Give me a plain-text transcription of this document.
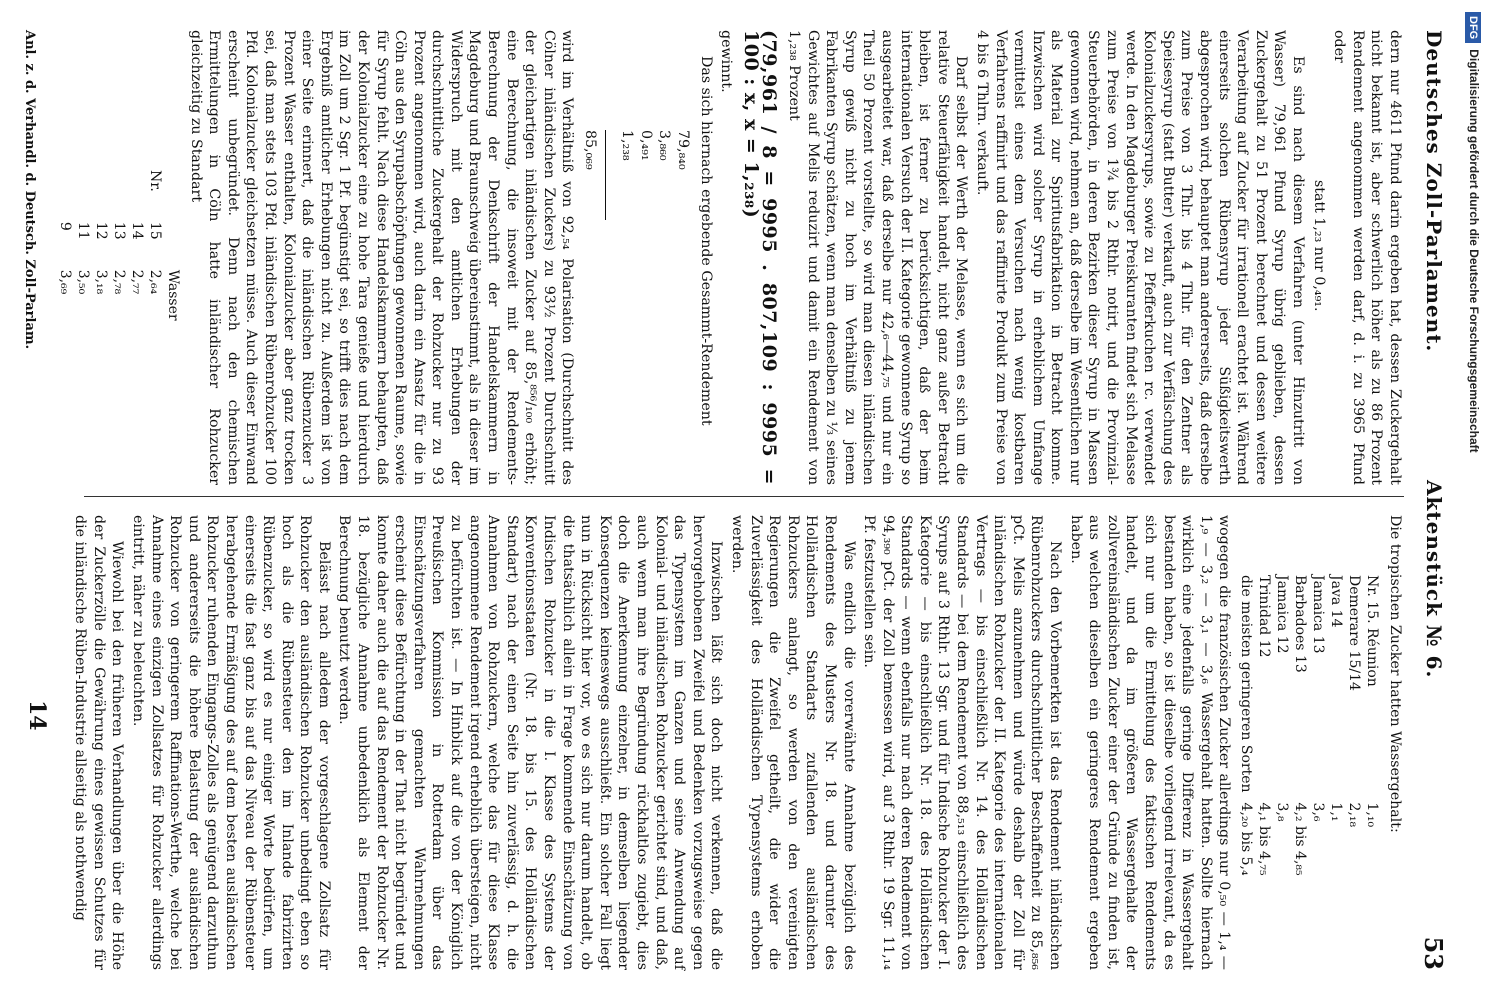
Deutsches Zoll-Parlament.
Aktenstück № 6.
53

dern nur 4611 Pfund darin ergeben hat, dessen Zuckergehalt nicht bekannt ist, aber schwerlich höher als zu 86 Prozent Rendement angenommen werden darf, d. i. zu 3965 Pfund oder

statt 1,₂₃ nur 0,₄₉₁.

Es sind nach diesem Verfahren (unter Hinzutritt von Wasser) 79,961 Pfund Syrup übrig geblieben, dessen Zuckergehalt zu 51 Prozent berechnet und dessen weitere Verarbeitung auf Zucker für irrationell erachtet ist. Während einerseits solchen Rübensyrup jeder Süßigkeitswerth abgesprochen wird, behauptet man andererseits, daß derselbe zum Preise von 3 Thlr. bis 4 Thlr. für den Zentner als Speisesyrup (statt Butter) verkauft, auch zur Verfälschung des Kolonialzuckersyrups, sowie zu Pfefferkuchen rc. verwendet werde. In den Magdeburger Preiskuranten findet sich Melasse zum Preise von 1¾ bis 2 Rthlr. notirt, und die Provinzial-Steuerbehörden, in deren Bezirken dieser Syrup in Massen gewonnen wird, nehmen an, daß derselbe im Wesentlichen nur als Material zur Spiritusfabrikation in Betracht komme. Inzwischen wird solcher Syrup in erheblichem Umfange vermittelst eines dem Versuchen nach wenig kostbaren Verfahrens raffinirt und das raffinirte Produkt zum Preise von 4 bis 6 Thlrn. verkauft.

Darf selbst der Werth der Melasse, wenn es sich um die relative Steuerfähigkeit handelt, nicht ganz außer Betracht bleiben, ist ferner zu berücksichtigen, daß der beim internationalen Versuch der II. Kategorie gewonnene Syrup so ausgearbeitet war, daß derselbe nur 42,₆—44,₇₅ und nur ein Theil 50 Prozent vorstellte, so wird man diesen inländischen Syrup gewiß nicht zu hoch im Verhältniß zu jenem Fabrikanten Syrup schätzen, wenn man denselben zu ⅓ seines Gewichtes auf Melis reduzirt und damit ein Rendement von 1,₂₃₈ Prozent

(79,961 / 8 = 9995 . 807,109 : 9995 = 100 : x, x = 1,₂₃₈)

gewinnt.

Das sich hiernach ergebende Gesammt-Rendement

79,₈₄₀
3,₈₆₀
0,₄₉₁
1,₂₃₈
85,₀₆₉

wird im Verhältniß von 92,₅₄ Polarisation (Durchschnitt des Cölner inländischen Zuckers) zu 93½ Prozent Durchschnitt der gleichartigen inländischen Zucker auf 85,⁸⁵⁶/₁₀₀ erhöht; eine Berechnung, die insoweit mit der Rendements-Berechnung der Denkschrift der Handelskammern in Magdeburg und Braunschweig übereinstimmt, als in dieser im Widerspruch mit den amtlichen Erhebungen der durchschnittliche Zuckergehalt der Rohzucker nur zu 93 Prozent angenommen wird, auch darin ein Ansatz für die in Cöln aus den Syrupabschöpfungen gewonnenen Raume, sowie für Syrup fehlt. Nach diese Handelskammern behaupten, daß der Kolonialzucker eine zu hohe Tara genieße und hierdurch im Zoll um 2 Sgr. 1 Pf. begünstigt sei, so trifft dies nach dem Ergebniß amtlicher Erhebungen nicht zu. Außerdem ist von einer Seite erinnert, daß die inländischen Rübenzucker 3 Prozent Wasser enthalten, Kolonialzucker aber ganz trocken sei, daß man stets 103 Pfd. inländischen Rübenrohzucker 100 Pfd. Kolonialzucker gleichsetzen müsse. Auch dieser Einwand erscheint unbegründet. Denn nach den chemischen Ermittelungen in Cöln hatte inländischer Rohzucker gleichzeitig zu Standart

		Wasser
Nr.	15	2,₆₄
	14	2,₇₇
	13	2,₇₈
	12	3,₁₈
	11	3,₅₀
	9	3,₆₉

Die tropischen Zucker hatten Wassergehalt:

Nr. 15. Réunion	1,₁₀
Demerare 15/14	2,₁₈
Java 14	1,₁
Jamaica 13	3,₆
Barbadoes 13	4,₂ bis 4,₈₅
Jamaica 12	3,₈
Trinidad 12	4,₁ bis 4,₇₅
die meisten geringeren Sorten	4,₂₀ bis 5,₄

wogegen die französischen Zucker allerdings nur 0,₅₀ — 1,₄ — 1,₉ — 3,₂ — 3,₁ — 3,₆ Wassergehalt hatten. Sollte hiernach wirklich eine jedenfalls geringe Differenz in Wassergehalt bestanden haben, so ist dieselbe vorliegend irrelevant, da es sich nur um die Ermittelung des faktischen Rendements handelt, und da im größeren Wassergehalte der zollvereinsländischen Zucker einer der Gründe zu finden ist, aus welchen dieselben ein geringeres Rendement ergeben haben.

Nach den Vorbemerkten ist das Rendement inländischen Rübenrohzuckers durchschnittlicher Beschaffenheit zu 85,₈₅₆ pCt. Melis anzunehmen und würde deshalb der Zoll für inländischen Rohzucker der II. Kategorie des internationalen Vertrags — bis einschließlich Nr. 14. des Holländischen Standards — bei dem Rendement von 88,₅₁₃ einschließlich des Syrups auf 3 Rthlr. 13 Sgr. und für Indische Rohzucker der I. Kategorie — bis einschließlich Nr. 18. des Holländischen Standards — wenn ebenfalls nur nach deren Rendement von 94,₃₉₀ pCt. der Zoll bemessen wird, auf 3 Rthlr. 19 Sgr. 11,₁₄ Pf. festzustellen sein.

Was endlich die vorerwähnte Annahme bezüglich des Rendements des Musters Nr. 18. und darunter des Holländischen Standarts zufallenden ausländischen Rohzuckers anlangt, so werden von den vereinigten Regierungen die Zweifel getheilt, die wider die Zuverlässigkeit des Holländischen Typensystems erhoben werden.

Inzwischen läßt sich doch nicht verkennen, daß die hervorgehobenen Zweifel und Bedenken vorzugsweise gegen das Typensystem im Ganzen und seine Anwendung auf Kolonial- und inländischen Rohzucker gerichtet sind, und daß, auch wenn man ihre Begründung rückhaltlos zugiebt, dies doch die Anerkennung einzelner, in demselben liegender Konsequenzen keineswegs ausschließt. Ein solcher Fall liegt nun in Rücksicht hier vor, wo es sich nur darum handelt, ob die thatsächlich allein in Frage kommende Einschätzung von Indischen Rohzucker in die I. Klasse des Systems der Konventionsstaaten (Nr. 18. bis 15. des Holländischen Standart) nach der einen Seite hin zuverlässig, d. h. die Annahmen von Rohzuckern, welche das für diese Klasse angenommene Rendement irgend erheblich übersteigen, nicht zu befürchten ist. — In Hinblick auf die von der Königlich Preußischen Kommission in Rotterdam über das Einschätzungsverfahren gemachten Wahrnehmungen erscheint diese Befürchtung in der That nicht begründet und konnte daher auch die auf das Rendement der Rohzucker Nr. 18. bezügliche Annahme unbedenklich als Element der Berechnung benutzt werden.

Belässt nach alledem der vorgeschlagene Zollsatz für Rohzucker den ausländischen Rohzucker unbedingt eben so hoch als die Rübensteuer den im Inlande fabrizirten Rübenzucker, so wird es nur einiger Worte bedürfen, um einerseits die fast ganz bis auf das Niveau der Rübensteuer herabgehende Ermäßigung des auf dem besten ausländischen Rohzucker ruhenden Eingangs-Zolles als genügend darzuthun und andererseits die höhere Belastung der ausländischen Rohzucker von geringerem Raffinations-Werthe, welche bei Annahme eines einzigen Zollsatzes für Rohzucker allerdings eintritt, näher zu beleuchten.

Wiewohl bei den früheren Verhandlungen über die Höhe der Zuckerzölle die Gewährung eines gewissen Schutzes für die inländische Rüben-Industrie allseitig als nothwendig

Anl. z. d. Verhandl. d. Deutsch. Zoll-Parlam.
14
DFGDigitalisierung gefördert durch die Deutsche Forschungsgemeinschaft
